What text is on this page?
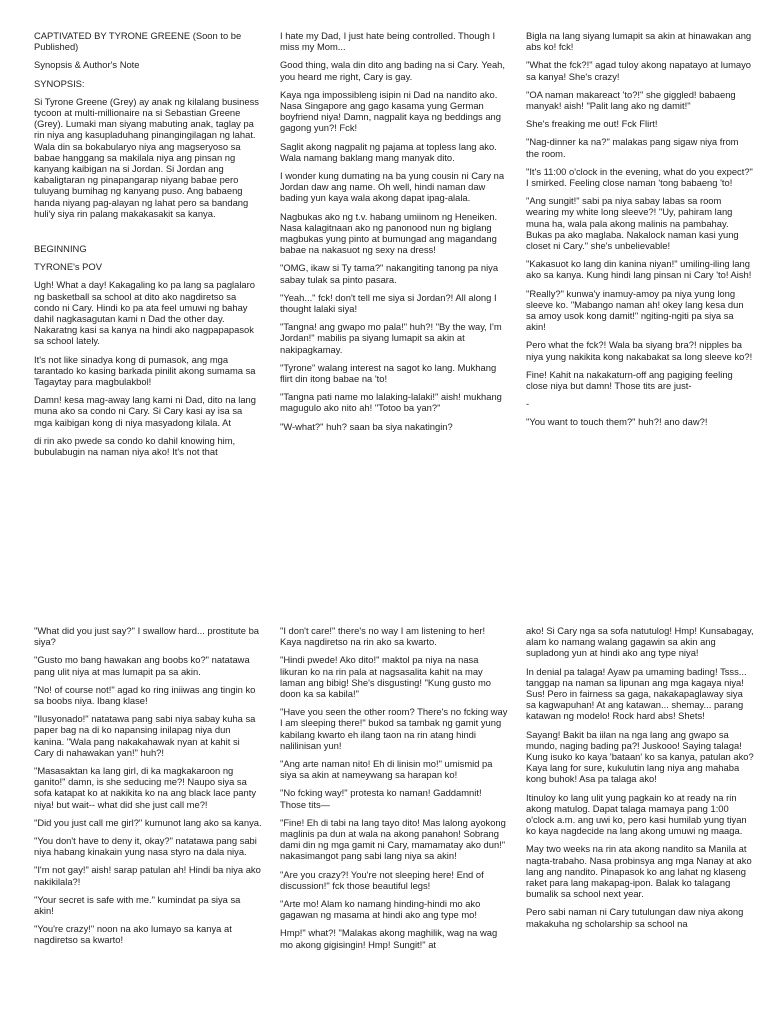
CAPTIVATED BY TYRONE GREENE (Soon to be Published)

Synopsis & Author's Note

SYNOPSIS:

Si Tyrone Greene (Grey) ay anak ng kilalang business tycoon at multi-millionaire na si Sebastian Greene (Grey). Lumaki man siyang mabuting anak, taglay pa rin niya ang kasupladuhang pinangingilagan ng lahat. Wala din sa bokabularyo niya ang magseryoso sa babae hanggang sa makilala niya ang pinsan ng kanyang kaibigan na si Jordan. Si Jordan ang kabaligtaran ng pinapangarap niyang babae pero tuluyang bumihag ng kanyang puso. Ang babaeng handa niyang pag-alayan ng lahat pero sa bandang huli'y siya rin palang makakasakit sa kanya.

BEGINNING

TYRONE's POV

Ugh! What a day! Kakagaling ko pa lang sa paglalaro ng basketball sa school at dito ako nagdiretso sa condo ni Cary. Hindi ko pa ata feel umuwi ng bahay dahil nagkasagutan kami n Dad the other day. Nakaratng kasi sa kanya na hindi ako nagpapapasok sa school lately.

It's not like sinadya kong di pumasok, ang mga tarantado ko kasing barkada pinilit akong sumama sa Tagaytay para magbulakbol!

Damn! kesa mag-away lang kami ni Dad, dito na lang muna ako sa condo ni Cary. Si Cary kasi ay isa sa mga kaibigan kong di niya masyadong kilala. At

di rin ako pwede sa condo ko dahil knowing him, bubulabugin na naman niya ako! It's not that

I hate my Dad, I just hate being controlled. Though I miss my Mom...

Good thing, wala din dito ang bading na si Cary. Yeah, you heard me right, Cary is gay.

Kaya nga impossibleng isipin ni Dad na nandito ako. Nasa Singapore ang gago kasama yung German boyfriend niya! Damn, nagpalit kaya ng beddings ang gagong yun?! Fck!

Saglit akong nagpalit ng pajama at topless lang ako. Wala namang baklang mang manyak dito.

I wonder kung dumating na ba yung cousin ni Cary na Jordan daw ang name. Oh well, hindi naman daw bading yun kaya wala akong dapat ipag-alala.

Nagbukas ako ng t.v. habang umiinom ng Heneiken. Nasa kalagitnaan ako ng panonood nun ng biglang magbukas yung pinto at bumungad ang magandang babae na nakasuot ng sexy na dress!

"OMG, ikaw si Ty tama?" nakangiting tanong pa niya sabay tulak sa pinto pasara.

"Yeah..." fck! don't tell me siya si Jordan?! All along I thought lalaki siya!

"Tangna! ang gwapo mo pala!" huh?! "By the way, I'm Jordan!" mabilis pa siyang lumapit sa akin at nakipagkamay.

"Tyrone" walang interest na sagot ko lang. Mukhang flirt din itong babae na 'to!

"Tangna pati name mo lalaking-lalaki!" aish! mukhang magugulo ako nito ah! "Totoo ba yan?"

"W-what?" huh? saan ba siya nakatingin?

Bigla na lang siyang lumapit sa akin at hinawakan ang abs ko! fck!

"What the fck?!" agad tuloy akong napatayo at lumayo sa kanya! She's crazy!

"OA naman makareact 'to?!" she giggled! babaeng manyak! aish! "Palit lang ako ng damit!"

She's freaking me out! Fck Flirt!

"Nag-dinner ka na?" malakas pang sigaw niya from the room.

"It's 11:00 o'clock in the evening, what do you expect?" I smirked. Feeling close naman 'tong babaeng 'to!

"Ang sungit!" sabi pa niya sabay labas sa room wearing my white long sleeve?! "Uy, pahiram lang muna ha, wala pala akong malinis na pambahay. Bukas pa ako maglaba. Nakalock naman kasi yung closet ni Cary." she's unbelievable!

"Kakasuot ko lang din kanina niyan!" umiling-iling lang ako sa kanya. Kung hindi lang pinsan ni Cary 'to! Aish!

"Really?" kunwa'y inamuy-amoy pa niya yung long sleeve ko. "Mabango naman ah! okey lang kesa dun sa amoy usok kong damit!" ngiting-ngiti pa siya sa akin!

Pero what the fck?! Wala ba siyang bra?! nipples ba niya yung nakikita kong nakabakat sa long sleeve ko?!

Fine! Kahit na nakakaturn-off ang pagiging feeling close niya but damn! Those tits are just-

-

"You want to touch them?" huh?! ano daw?!

"What did you just say?" I swallow hard... prostitute ba siya?

"Gusto mo bang hawakan ang boobs ko?" natatawa pang ulit niya at mas lumapit pa sa akin.

"No! of course not!" agad ko ring iniiwas ang tingin ko sa boobs niya. Ibang klase!

"Ilusyonado!" natatawa pang sabi niya sabay kuha sa paper bag na di ko napansing inilapag niya dun kanina. "Wala pang nakakahawak nyan at kahit si Cary di nahawakan yan!" huh?!

"Masasaktan ka lang girl, di ka magkakaroon ng ganito!" damn, is she seducing me?! Naupo siya sa sofa katapat ko at nakikita ko na ang black lace panty niya! but wait-- what did she just call me?!

"Did you just call me girl?" kumunot lang ako sa kanya.

"You don't have to deny it, okay?" natatawa pang sabi niya habang kinakain yung nasa styro na dala niya.

"I'm not gay!" aish! sarap patulan ah! Hindi ba niya ako nakikilala?!

"Your secret is safe with me." kumindat pa siya sa akin!

"You're crazy!" noon na ako lumayo sa kanya at nagdiretso sa kwarto!

"I don't care!" there's no way I am listening to her! Kaya nagdiretso na rin ako sa kwarto.

"Hindi pwede! Ako dito!" maktol pa niya na nasa likuran ko na rin pala at nagsasalita kahit na may laman ang bibig! She's disgusting! "Kung gusto mo doon ka sa kabila!"

"Have you seen the other room? There's no fcking way I am sleeping there!" bukod sa tambak ng gamit yung kabilang kwarto eh ilang taon na rin atang hindi nalilinisan yun!

"Ang arte naman nito! Eh di linisin mo!" umismid pa siya sa akin at nameywang sa harapan ko!

"No fcking way!" protesta ko naman! Gaddamnit! Those tits—

"Fine! Eh di tabi na lang tayo dito! Mas lalong ayokong maglinis pa dun at wala na akong panahon! Sobrang dami din ng mga gamit ni Cary, mamamatay ako dun!" nakasimangot pang sabi lang niya sa akin!

"Are you crazy?! You're not sleeping here! End of discussion!" fck those beautiful legs!

"Arte mo! Alam ko namang hinding-hindi mo ako gagawan ng masama at hindi ako ang type mo!

Hmp!" what?! "Malakas akong maghilik, wag na wag mo akong gigisingin! Hmp! Sungit!" at

ako! Si Cary nga sa sofa natutulog! Hmp! Kunsabagay, alam ko namang walang gagawin sa akin ang supladong yun at hindi ako ang type niya!

In denial pa talaga! Ayaw pa umaming bading! Tsss... tanggap na naman sa lipunan ang mga kagaya niya! Sus! Pero in fairness sa gaga, nakakapaglaway siya sa kagwapuhan! At ang katawan... shemay... parang katawan ng modelo! Rock hard abs! Shets!

Sayang! Bakit ba iilan na nga lang ang gwapo sa mundo, naging bading pa?! Juskooo! Saying talaga! Kung isuko ko kaya 'bataan' ko sa kanya, patulan ako? Kaya lang for sure, kukulutin lang niya ang mahaba kong buhok! Asa pa talaga ako!

Itinuloy ko lang ulit yung pagkain ko at ready na rin akong matulog. Dapat talaga mamaya pang 1:00 o'clock a.m. ang uwi ko, pero kasi humilab yung tiyan ko kaya nagdecide na lang akong umuwi ng maaga.

May two weeks na rin ata akong nandito sa Manila at nagta-trabaho. Nasa probinsya ang mga Nanay at ako lang ang nandito. Pinapasok ko ang lahat ng klaseng raket para lang makapag-ipon. Balak ko talagang bumalik sa school next year.

Pero sabi naman ni Cary tutulungan daw niya akong makakuha ng scholarship sa school na
